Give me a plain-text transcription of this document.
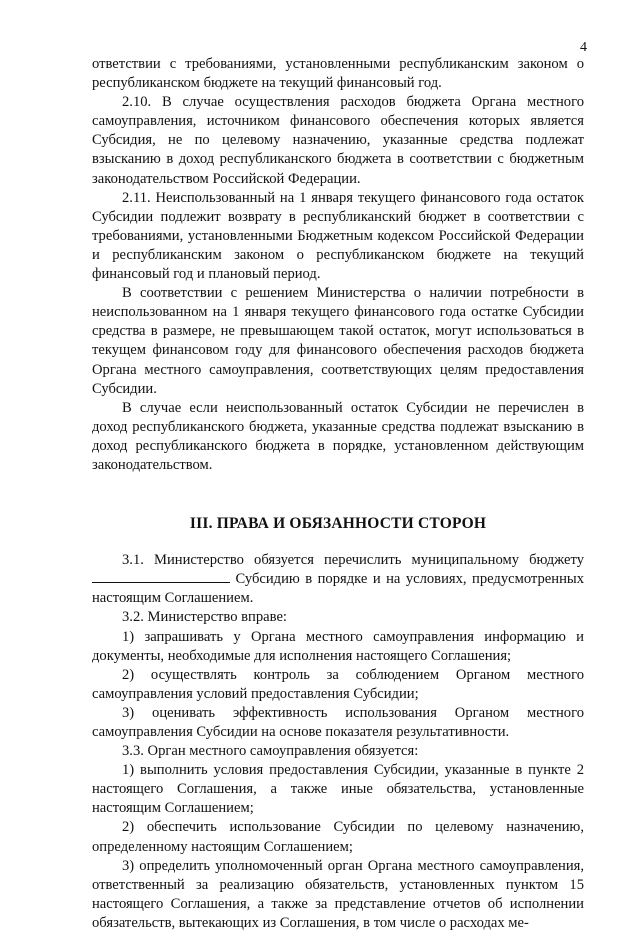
4

ответствии с требованиями, установленными республиканским законом о республиканском бюджете на текущий финансовый год.

2.10. В случае осуществления расходов бюджета Органа местного самоуправления, источником финансового обеспечения которых является Субсидия, не по целевому назначению, указанные средства подлежат взысканию в доход республиканского бюджета в соответствии с бюджетным законодательством Российской Федерации.

2.11. Неиспользованный на 1 января текущего финансового года остаток Субсидии подлежит возврату в республиканский бюджет в соответствии с требованиями, установленными Бюджетным кодексом Российской Федерации и республиканским законом о республиканском бюджете на текущий финансовый год и плановый период.

В соответствии с решением Министерства о наличии потребности в неиспользованном на 1 января текущего финансового года остатке Субсидии средства в размере, не превышающем такой остаток, могут использоваться в текущем финансовом году для финансового обеспечения расходов бюджета Органа местного самоуправления, соответствующих целям предоставления Субсидии.

В случае если неиспользованный остаток Субсидии не перечислен в доход республиканского бюджета, указанные средства подлежат взысканию в доход республиканского бюджета в порядке, установленном действующим законодательством.

III. ПРАВА И ОБЯЗАННОСТИ СТОРОН

3.1. Министерство обязуется перечислить муниципальному бюджету  Субсидию в порядке и на условиях, предусмотренных настоящим Соглашением.

3.2. Министерство вправе:

1) запрашивать у Органа местного самоуправления информацию и документы, необходимые для исполнения настоящего Соглашения;

2) осуществлять контроль за соблюдением Органом местного самоуправления условий предоставления Субсидии;

3) оценивать эффективность использования Органом местного самоуправления Субсидии на основе показателя результативности.

3.3. Орган местного самоуправления обязуется:

1) выполнить условия предоставления Субсидии, указанные в пункте 2 настоящего Соглашения, а также иные обязательства, установленные настоящим Соглашением;

2) обеспечить использование Субсидии по целевому назначению, определенному настоящим Соглашением;

3) определить уполномоченный орган Органа местного самоуправления, ответственный за реализацию обязательств, установленных пунктом 15 настоящего Соглашения, а также за представление отчетов об исполнении обязательств, вытекающих из Соглашения, в том числе о расходах ме-
